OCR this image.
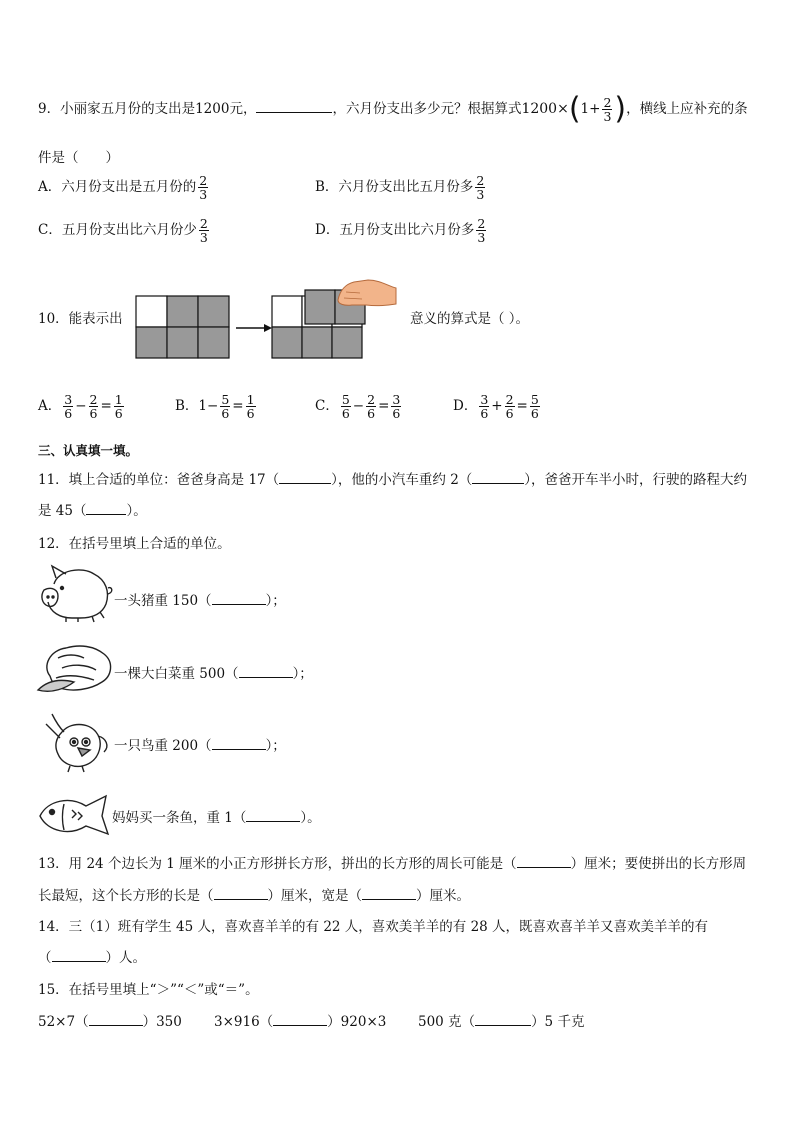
9．小丽家五月份的支出是1200元，	，六月份支出多少元？根据算式$1200\times(1+ \frac{2}{3}$ )，横线上应补充的条
件是（　　）
A．六月份支出是五月份的 $\frac{2}{3}$	B．六月份支出比五月份多 $\frac{2}{3}$
C．五月份支出比六月份少 $\frac{2}{3}$	D．五月份支出比六月份多 $\frac{2}{3}$
10．能表示出	意义的算式是（ ）。
A． $\frac{3}{6} - \frac{2}{6} = \frac{1}{6}$	B．$1- \frac{5}{6} = \frac{1}{6}$	C． $\frac{5}{6} - \frac{2}{6} = \frac{3}{6}$	D． $\frac{3}{6} + \frac{2}{6} = \frac{5}{6}$
三、认真填一填。
11．填上合适的单位：爸爸身高是 17（	），他的小汽车重约 2（	），爸爸开车半小时，行驶的路程大约
是 45（	）。
12．在括号里填上合适的单位。
一头猪重 150（	）；
一棵大白菜重 500（	）；
一只鸟重 200（	）；
妈妈买一条鱼，重 1（	）。
13．用 24 个边长为 1 厘米的小正方形拼长方形，拼出的长方形的周长可能是（	）厘米；要使拼出的长方形周
长最短，这个长方形的长是（	）厘米，宽是（	）厘米。
14．三（1）班有学生 45 人，喜欢喜羊羊的有 22 人，喜欢美羊羊的有 28 人，既喜欢喜羊羊又喜欢美羊羊的有
（	）人。
15．在括号里填上“＞”“＜”或“＝”。
52×7（	）350 3×916（	）920×3 500 克（	）5 千克
